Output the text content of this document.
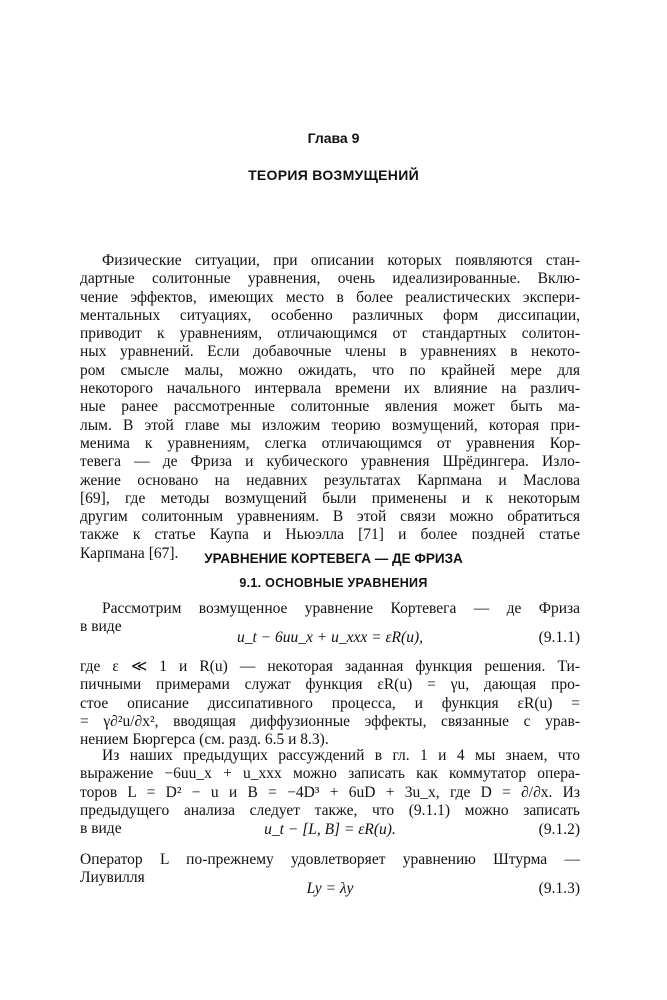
Глава 9
ТЕОРИЯ ВОЗМУЩЕНИЙ
Физические ситуации, при описании которых появляются стан-
дартные солитонные уравнения, очень идеализированные. Вклю-
чение эффектов, имеющих место в более реалистических экспери-
ментальных ситуациях, особенно различных форм диссипации,
приводит к уравнениям, отличающимся от стандартных солитон-
ных уравнений. Если добавочные члены в уравнениях в некото-
ром смысле малы, можно ожидать, что по крайней мере для
некоторого начального интервала времени их влияние на различ-
ные ранее рассмотренные солитонные явления может быть ма-
лым. В этой главе мы изложим теорию возмущений, которая при-
менима к уравнениям, слегка отличающимся от уравнения Кор-
тевега — де Фриза и кубического уравнения Шрёдингера. Изло-
жение основано на недавних результатах Карпмана и Маслова
[69], где методы возмущений были применены и к некоторым
другим солитонным уравнениям. В этой связи можно обратиться
также к статье Каупа и Ньюэлла [71] и более поздней статье
Карпмана [67].	УРАВНЕНИЕ КОРТЕВЕГА — ДЕ ФРИЗА
9.1. ОСНОВНЫЕ УРАВНЕНИЯ
Рассмотрим возмущенное уравнение Кортевега — де Фриза
в виде
u_t − 6uu_x + u_xxx = εR(u),	(9.1.1)
где ε ≪ 1 и R(u) — некоторая заданная функция решения. Ти-
пичными примерами служат функция εR(u) = γu, дающая про-
стое описание диссипативного процесса, и функция εR(u) =
= γ∂²u/∂x², вводящая диффузионные эффекты, связанные с урав-
нением Бюргерса (см. разд. 6.5 и 8.3).
Из наших предыдущих рассуждений в гл. 1 и 4 мы знаем, что
выражение −6uu_x + u_xxx можно записать как коммутатор опера-
торов L = D² − u и B = −4D³ + 6uD + 3u_x, где D = ∂/∂x. Из
предыдущего анализа следует также, что (9.1.1) можно записать
в виде	u_t − [L, B] = εR(u).	(9.1.2)
Оператор L по-прежнему удовлетворяет уравнению Штурма —
Лиувилля
Ly = λy	(9.1.3)
